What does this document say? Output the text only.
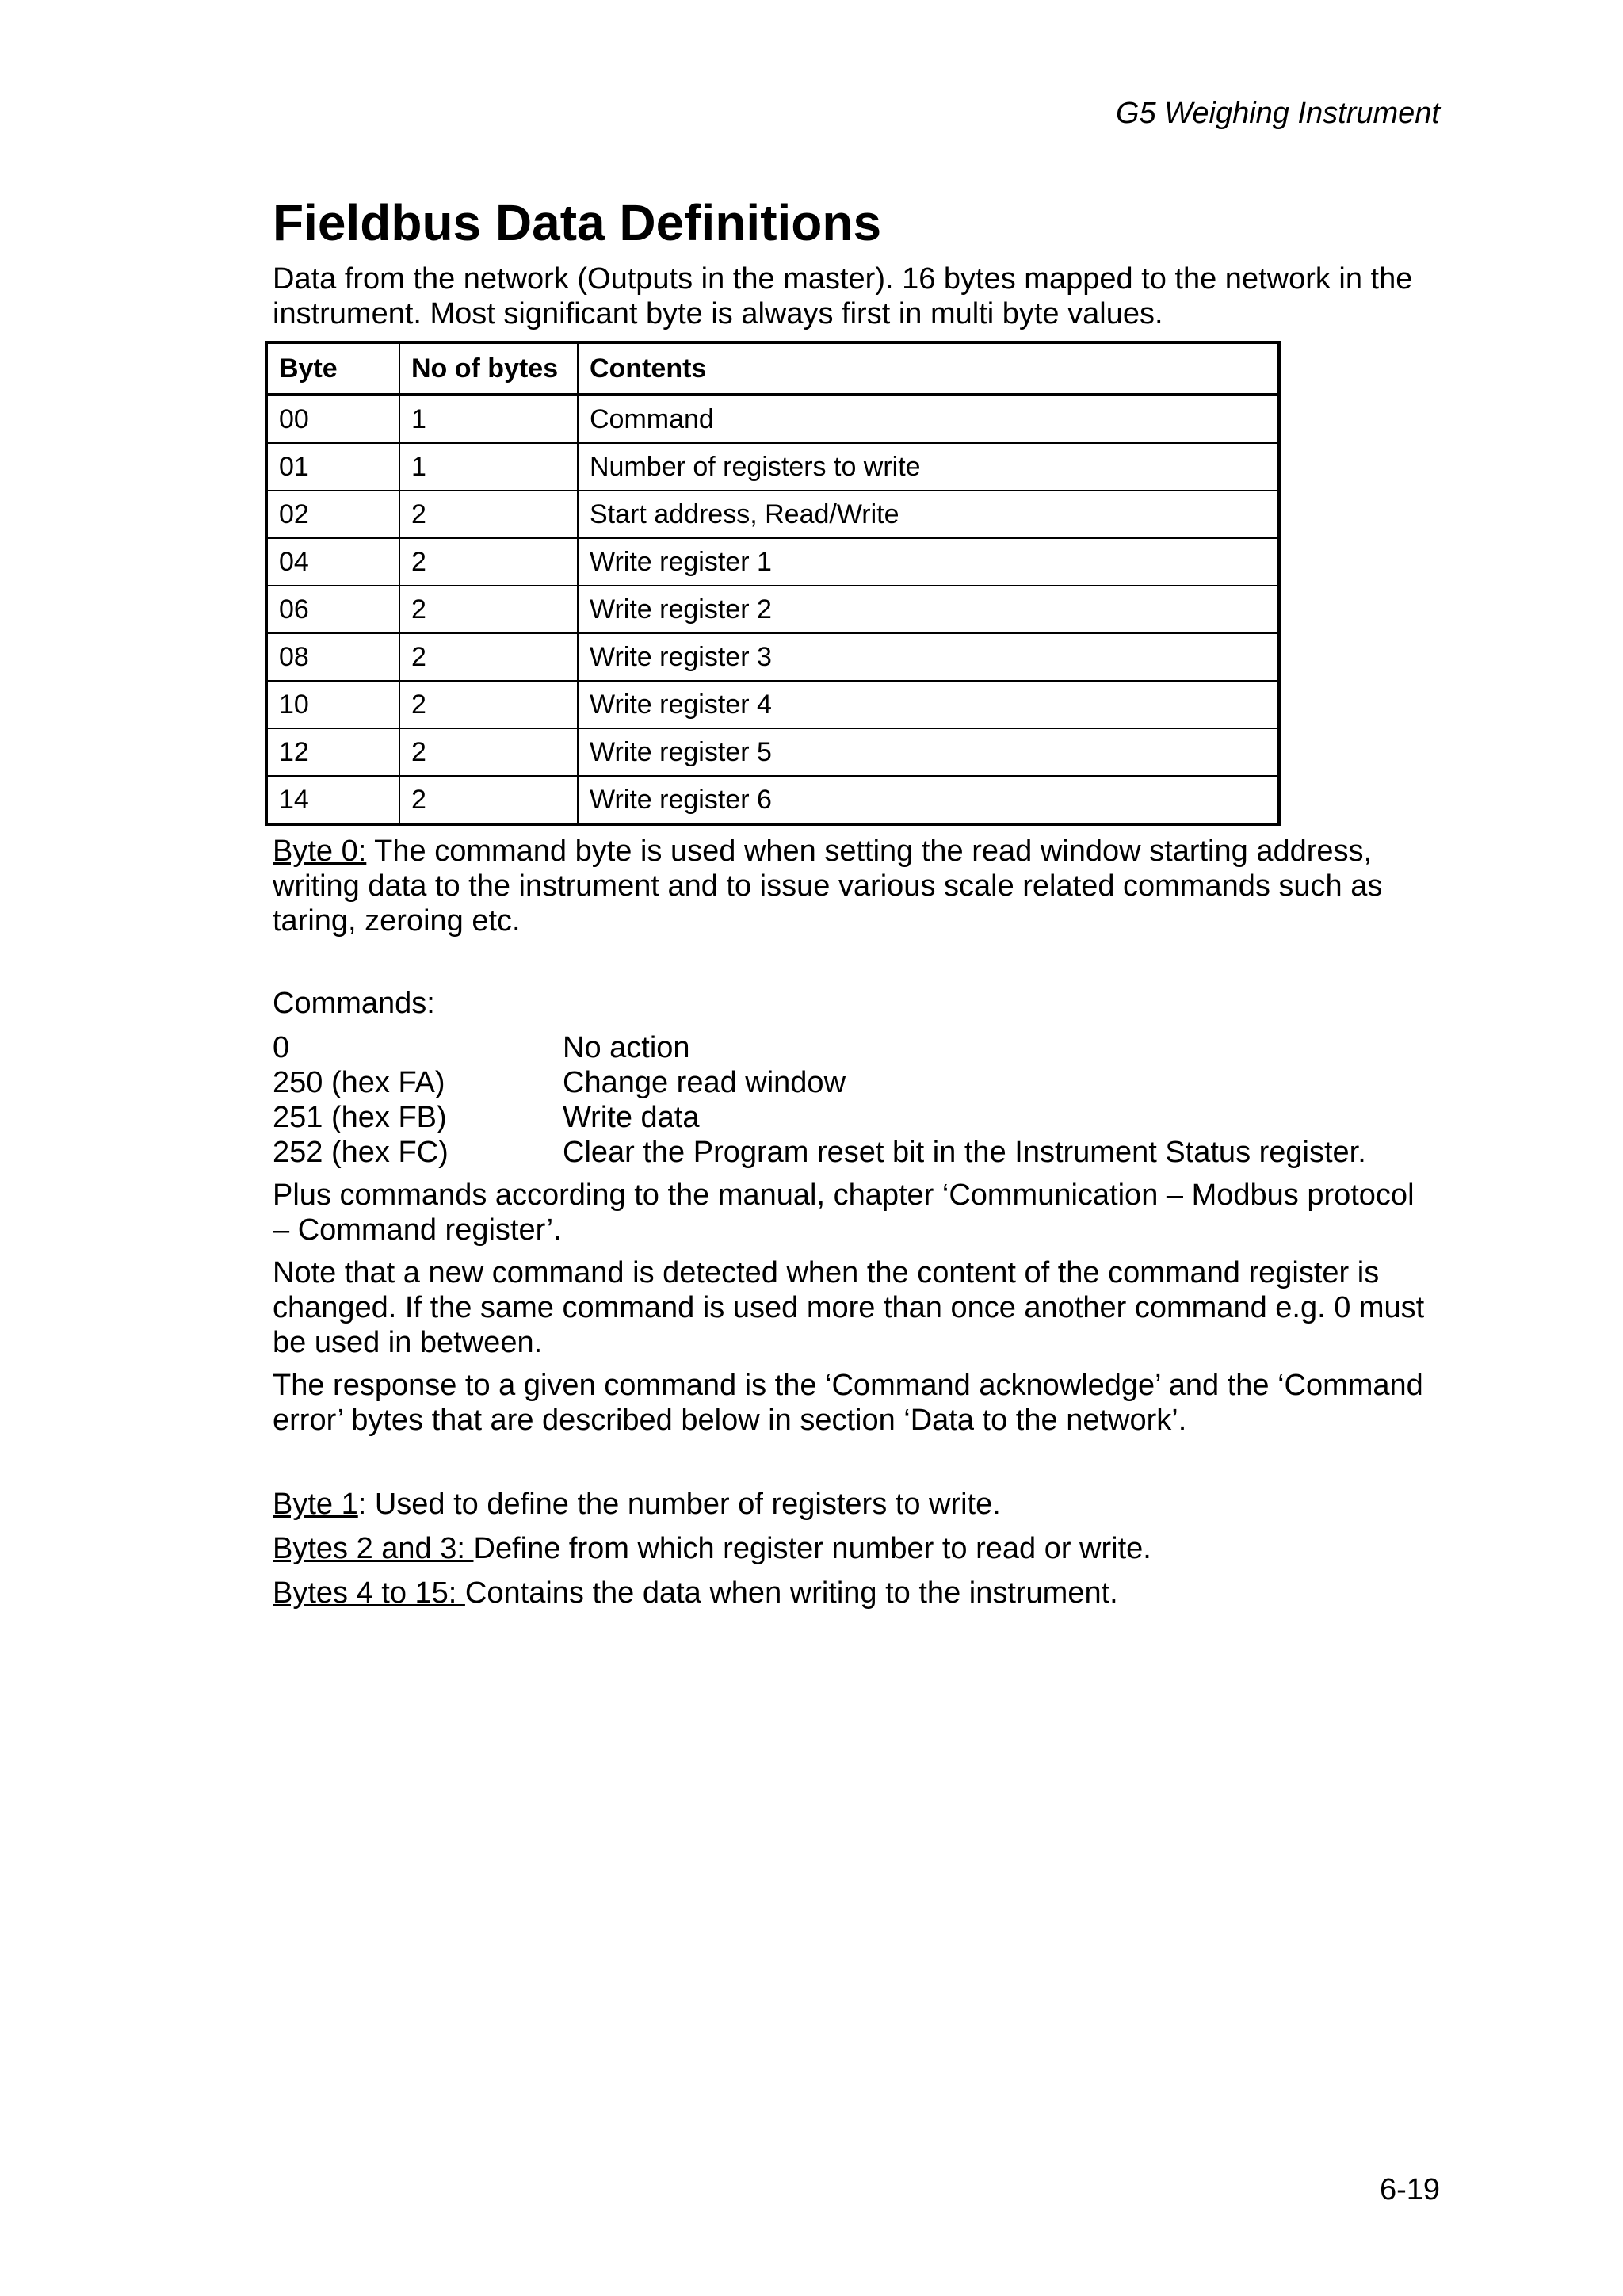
G5 Weighing Instrument
Fieldbus Data Definitions

Data from the network (Outputs in the master). 16 bytes mapped to the network in the instrument. Most significant byte is always first in multi byte values.

Byte	No of bytes	Contents
00	1	Command
01	1	Number of registers to write
02	2	Start address, Read/Write
04	2	Write register 1
06	2	Write register 2
08	2	Write register 3
10	2	Write register 4
12	2	Write register 5
14	2	Write register 6

Byte 0: The command byte is used when setting the read window starting address, writing data to the instrument and to issue various scale related commands such as taring, zeroing etc.

Commands:

0	No action
250 (hex FA)	Change read window
251 (hex FB)	Write data
252 (hex FC)	Clear the Program reset bit in the Instrument Status register.

Plus commands according to the manual, chapter ‘Communication – Modbus protocol – Command register’.

Note that a new command is detected when the content of the command register is changed. If the same command is used more than once another command e.g. 0 must be used in between.

The response to a given command is the ‘Command acknowledge’ and the ‘Command error’ bytes that are described below in section ‘Data to the network’.

Byte 1: Used to define the number of registers to write.

Bytes 2 and 3: Define from which register number to read or write.

Bytes 4 to 15: Contains the data when writing to the instrument.

6-19
